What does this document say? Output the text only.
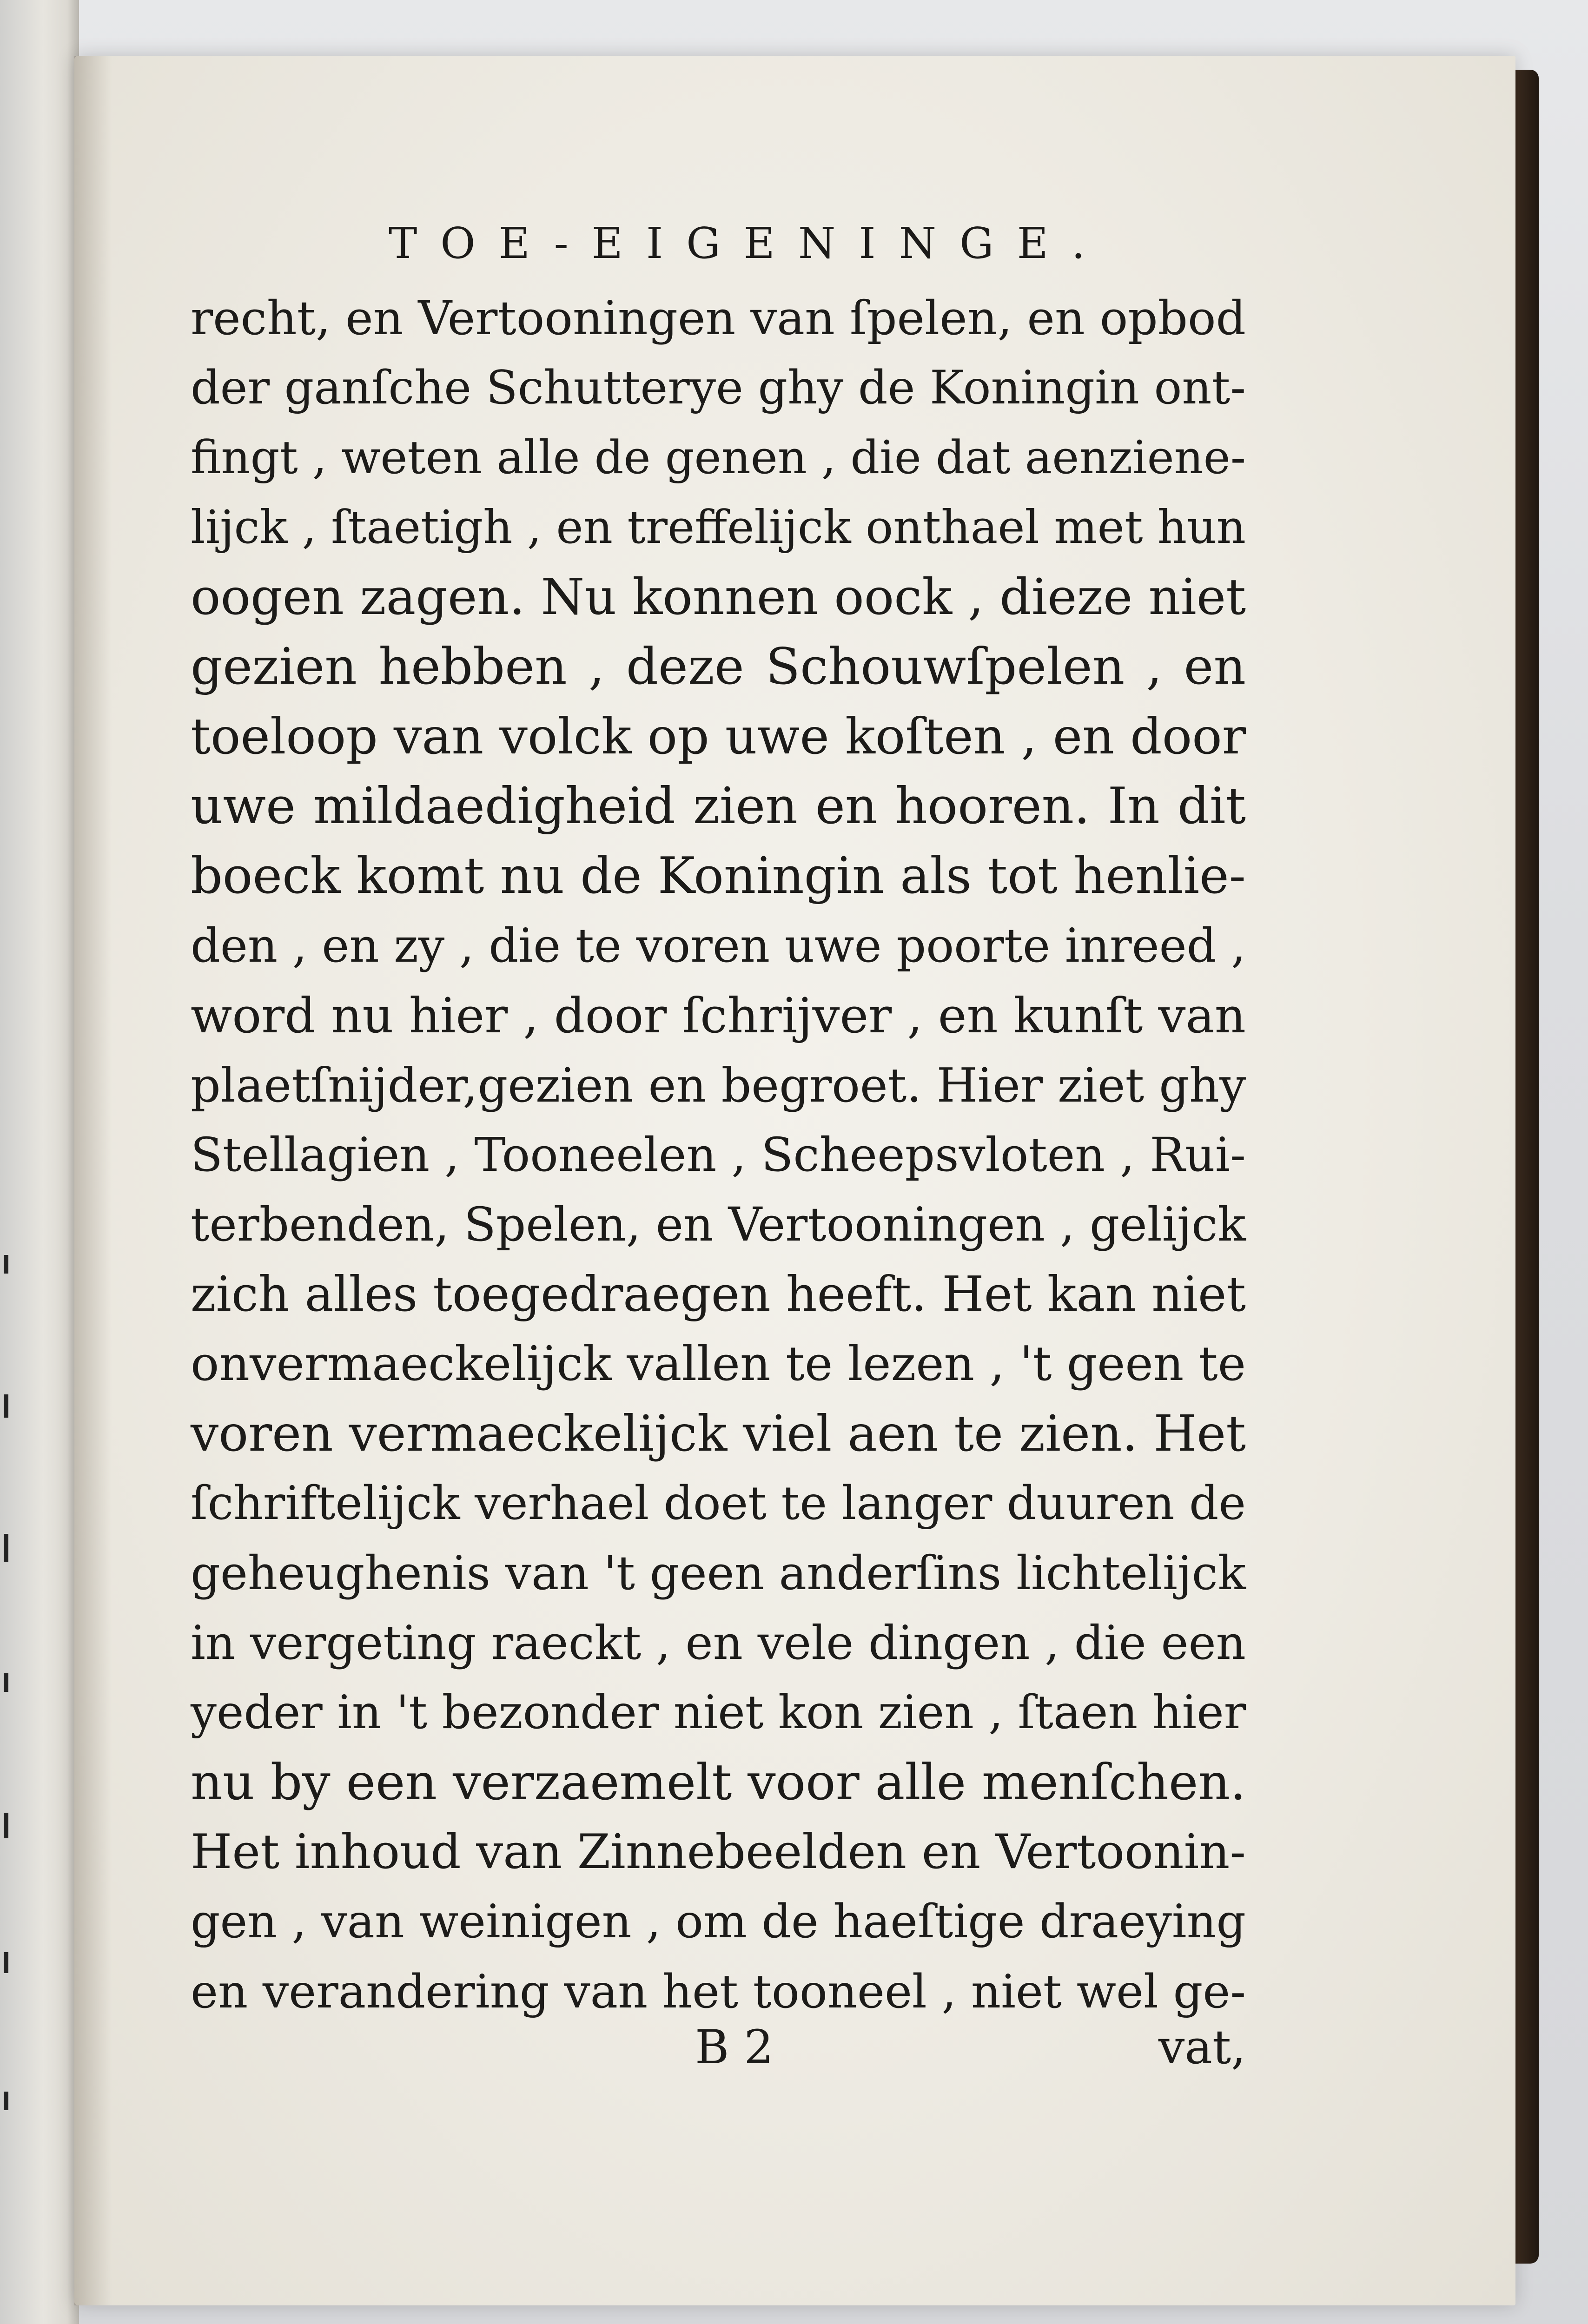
TOE-EIGENINGE.
recht, en Vertooningen van ſpelen, en opbod
der ganſche Schutterye ghy de Koningin ont-
fingt , weten alle de genen , die dat aenziene-
lijck , ſtaetigh , en treffelijck onthael met hun
oogen zagen. Nu konnen oock , dieze niet
gezien hebben , deze Schouwſpelen , en
toeloop van volck op uwe koſten , en door
uwe mildaedigheid zien en hooren. In dit
boeck komt nu de Koningin als tot henlie-
den , en zy , die te voren uwe poorte inreed ,
word nu hier , door ſchrijver , en kunſt van
plaetſnijder,gezien en begroet. Hier ziet ghy
Stellagien , Tooneelen , Scheepsvloten , Rui-
terbenden, Spelen, en Vertooningen , gelijck
zich alles toegedraegen heeft. Het kan niet
onvermaeckelijck vallen te lezen , 't geen te
voren vermaeckelijck viel aen te zien. Het
ſchriftelijck verhael doet te langer duuren de
geheughenis van 't geen anderſins lichtelijck
in vergeting raeckt , en vele dingen , die een
yeder in 't bezonder niet kon zien , ſtaen hier
nu by een verzaemelt voor alle menſchen.
Het inhoud van Zinnebeelden en Vertoonin-
gen , van weinigen , om de haeſtige draeying
en verandering van het tooneel , niet wel ge-
B 2	vat,
